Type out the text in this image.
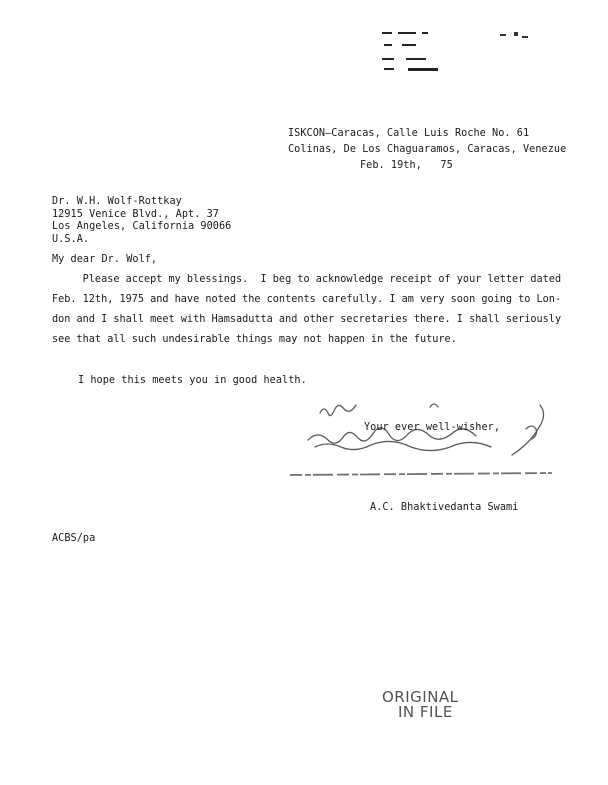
ISKCON—Caracas, Calle Luis Roche No. 61
Colinas, De Los Chaguaramos, Caracas, Venezue
Feb. 19th,   75
Dr. W.H. Wolf-Rottkay
12915 Venice Blvd., Apt. 37
Los Angeles, California 90066
U.S.A.
My dear Dr. Wolf,
Please accept my blessings.  I beg to acknowledge receipt of your letter dated
Feb. 12th, 1975 and have noted the contents carefully. I am very soon going to Lon-
don and I shall meet with Hamsadutta and other secretaries there. I shall seriously
see that all such undesirable things may not happen in the future.
I hope this meets you in good health.
Your ever well-wisher,
A.C. Bhaktivedanta Swami
ACBS/pa
ORIGINAL
IN FILE
